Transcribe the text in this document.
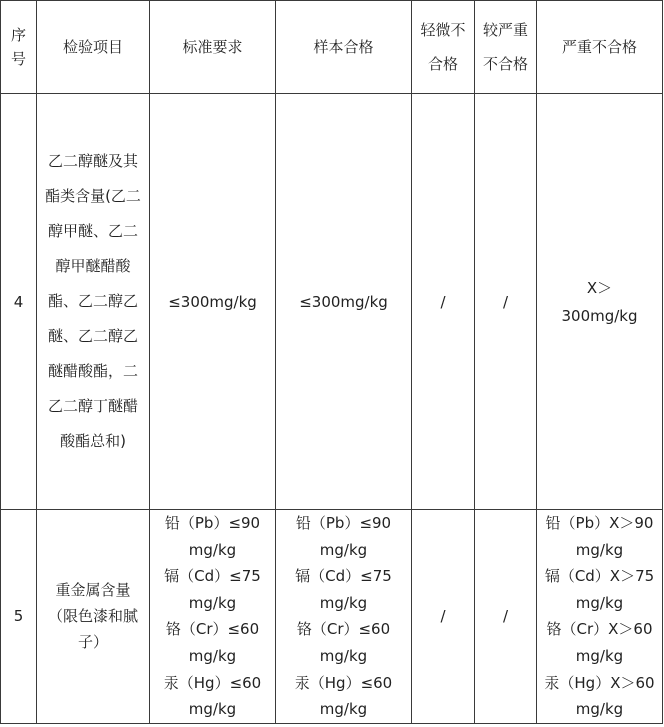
序号	检验项目	标准要求	样本合格	轻微不合格	较严重不合格	严重不合格
4	乙二醇醚及其酯类含量(乙二醇甲醚、乙二醇甲醚醋酸酯、乙二醇乙醚、乙二醇乙醚醋酸酯，二乙二醇丁醚醋酸酯总和)	≤300mg/kg	≤300mg/kg	/	/	X＞300mg/kg
5	重金属含量（限色漆和腻子）	铅（Pb）≤90 mg/kg
镉（Cd）≤75 mg/kg
铬（Cr）≤60 mg/kg
汞（Hg）≤60 mg/kg	铅（Pb）≤90 mg/kg
镉（Cd）≤75 mg/kg
铬（Cr）≤60 mg/kg
汞（Hg）≤60 mg/kg	/	/	铅（Pb）X＞90 mg/kg
镉（Cd）X＞75 mg/kg
铬（Cr）X＞60 mg/kg
汞（Hg）X＞60 mg/kg
